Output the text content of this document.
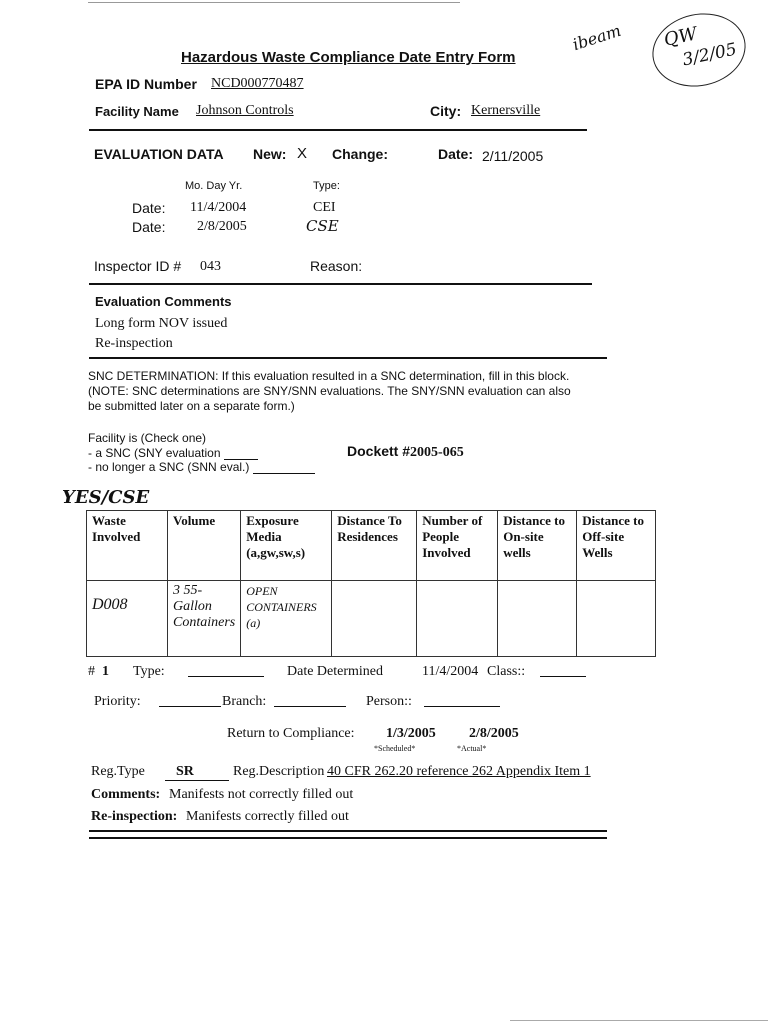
ibeam QW
3/2/05
Hazardous Waste Compliance Date Entry Form
EPA ID Number NCD000770487
Facility Name Johnson Controls	City: Kernersville
EVALUATION DATA New: X Change:	Date: 2/11/2005
Mo. Day Yr.	Type:
Date: 11/4/2004	CEI
Date: 2/8/2005	CSE
Inspector ID # 043	Reason:
Evaluation Comments
Long form NOV issued
Re-inspection
SNC DETERMINATION: If this evaluation resulted in a SNC determination, fill in this block.
(NOTE: SNC determinations are SNY/SNN evaluations. The SNY/SNN evaluation can also
be submitted later on a separate form.)
Facility is (Check one)
- a SNC (SNY evaluation
- no longer a SNC (SNN eval.)
Dockett #2005-065
YES/CSE
Waste Involved	Volume	Exposure Media (a,gw,sw,s)	Distance To Residences	Number of People Involved	Distance to On-site wells	Distance to Off-site Wells
D008	3 55-Gallon Containers	OPEN CONTAINERS (a)				
# 1 Type:	Date Determined	11/4/2004 Class::
Priority:	Branch:	Person::
Return to Compliance: 1/3/2005 2/8/2005
*Scheduled*	*Actual*
Reg.Type	SR	Reg.Description 40 CFR 262.20 reference 262 Appendix Item 1
Comments: Manifests not correctly filled out
Re-inspection: Manifests correctly filled out
